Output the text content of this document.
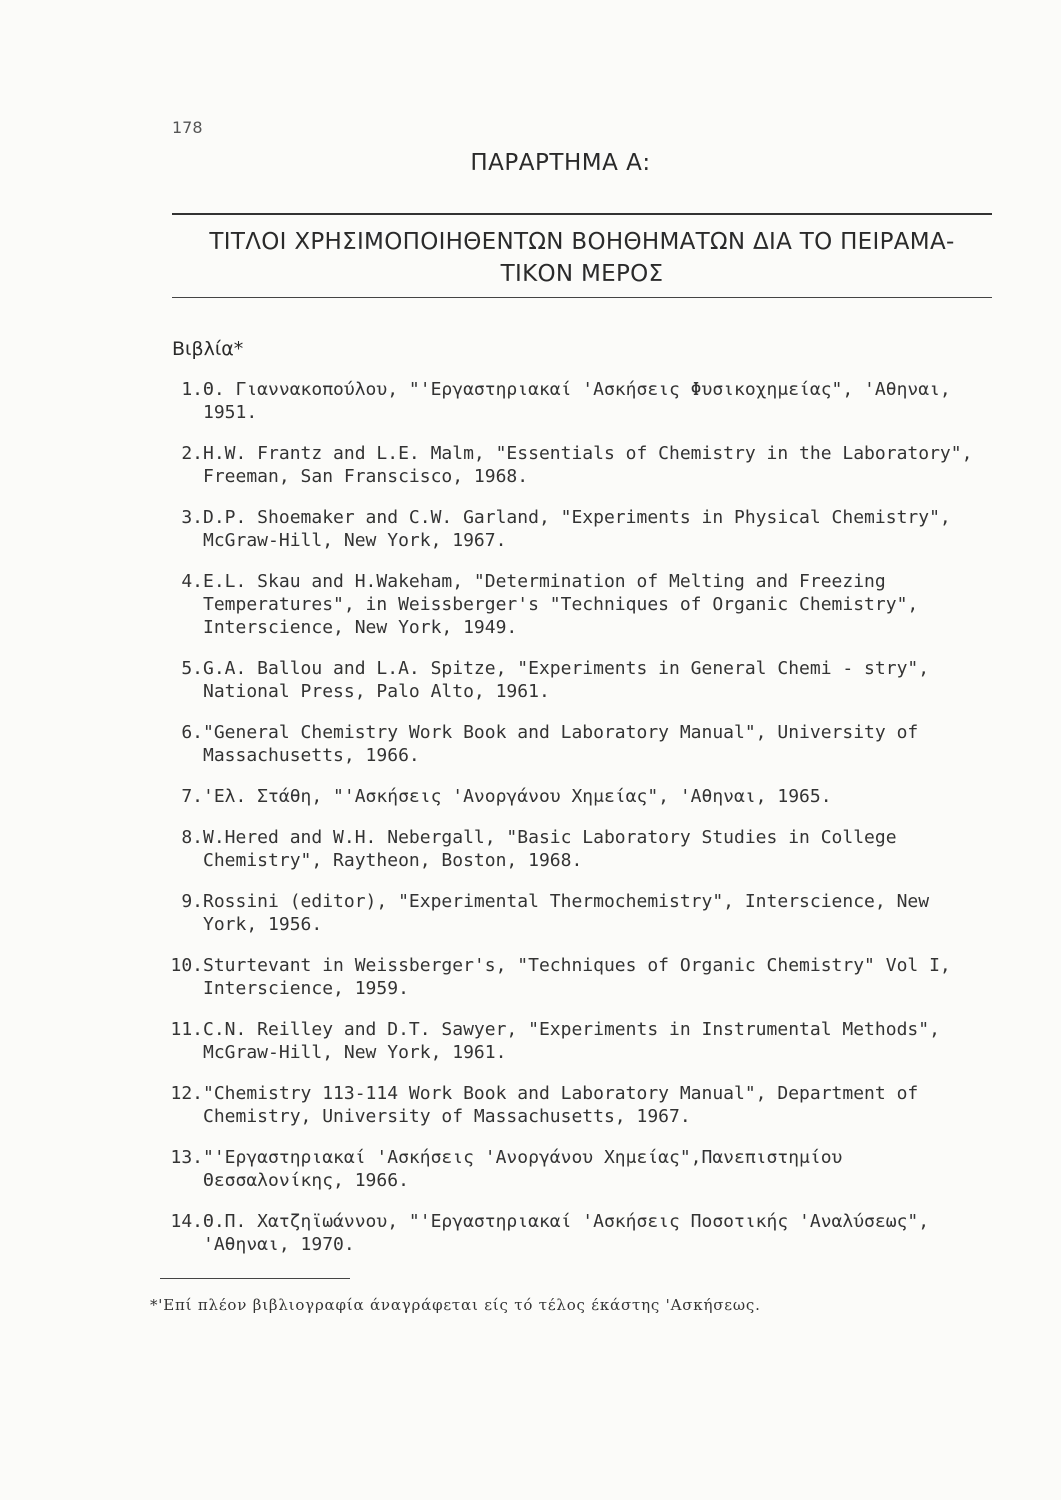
178
ΠΑΡΑΡΤΗΜΑ Α:
ΤΙΤΛΟΙ ΧΡΗΣΙΜΟΠΟΙΗΘΕΝΤΩΝ ΒΟΗΘΗΜΑΤΩΝ ΔΙΑ ΤΟ ΠΕΙΡΑΜΑ-
ΤΙΚΟΝ ΜΕΡΟΣ
Βιβλία*
1. Θ. Γιαννακοπούλου, "'Εργαστηριακαί 'Ασκήσεις Φυσικοχημείας", 'Αθηναι, 1951.
2. H.W. Frantz and L.E. Malm, "Essentials of Chemistry in the Laboratory", Freeman, San Franscisco, 1968.
3. D.P. Shoemaker and C.W. Garland, "Experiments in Physical Chemistry", McGraw-Hill, New York, 1967.
4. E.L. Skau and H.Wakeham, "Determination of Melting and Freezing Temperatures", in Weissberger's "Techniques of Organic Chemistry", Interscience, New York, 1949.
5. G.A. Ballou and L.A. Spitze, "Experiments in General Chemi - stry", National Press, Palo Alto, 1961.
6. "General Chemistry Work Book and Laboratory Manual", University of Massachusetts, 1966.
7. 'Ελ. Στάθη, "'Ασκήσεις 'Ανοργάνου Χημείας", 'Αθηναι, 1965.
8. W.Hered and W.H. Nebergall, "Basic Laboratory Studies in College Chemistry", Raytheon, Boston, 1968.
9. Rossini (editor), "Experimental Thermochemistry", Interscience, New York, 1956.
10. Sturtevant in Weissberger's, "Techniques of Organic Chemistry" Vol I, Interscience, 1959.
11. C.N. Reilley and D.T. Sawyer, "Experiments in Instrumental Methods", McGraw-Hill, New York, 1961.
12. "Chemistry 113-114 Work Book and Laboratory Manual", Department of Chemistry, University of Massachusetts, 1967.
13. "'Εργαστηριακαί 'Ασκήσεις 'Ανοργάνου Χημείας",Πανεπιστημίου Θεσσαλονίκης, 1966.
14. Θ.Π. Χατζηϊωάννου, "'Εργαστηριακαί 'Ασκήσεις Ποσοτικής 'Αναλύσεως", 'Αθηναι, 1970.
*'Επί πλέον βιβλιογραφία άναγράφεται είς τό τέλος έκάστης 'Ασκήσεως.
